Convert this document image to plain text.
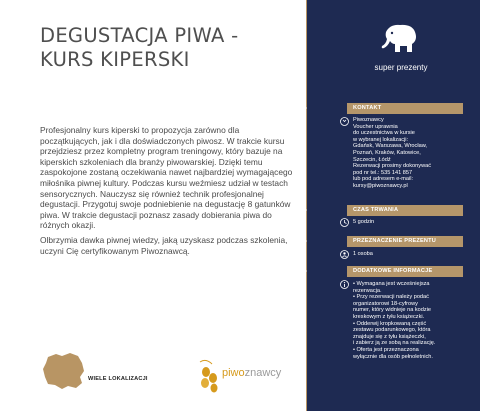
DEGUSTACJA PIWA -
KURS KIPERSKI

Profesjonalny kurs kiperski to propozycja zarówno dla początkujących, jak i dla doświadczonych piwosz. W trakcie kursu przejdziesz przez kompletny program treningowy, który bazuje na kiperskich szkoleniach dla branży piwowarskiej. Dzięki temu zaspokojone zostaną oczekiwania nawet najbardziej wymagającego miłośnika piwnej kultury. Podczas kursu weźmiesz udział w testach sensorycznych. Nauczysz się również technik profesjonalnej degustacji. Przygotuj swoje podniebienie na degustację 8 gatunków piwa. W trakcie degustacji poznasz zasady dobierania piwa do różnych okazji.

Olbrzymia dawka piwnej wiedzy, jaką uzyskasz podczas szkolenia, uczyni Cię certyfikowanym Piwoznawcą.

WIELE LOKALIZACJI	piwoznawcy
super prezenty
KONTAKT
Piwoznawcy
Voucher uprawnia
do uczestnictwa w kursie
w wybranej lokalizacji:
Gdańsk, Warszawa, Wrocław,
Poznań, Kraków, Katowice,
Szczecin, Łódź
Rezerwacji prosimy dokonywać
pod nr tel.: 535 141 857
lub pod adresem e-mail:
kursy@piwoznawcy.pl
CZAS TRWANIA
5 godzin
PRZEZNACZENIE PREZENTU
1 osoba
DODATKOWE INFORMACJE
• Wymagana jest wcześniejsza
rezerwacja.
• Przy rezerwacji należy podać
organizatorowi 18-cyfrowy
numer, który widnieje na kodzie
kreskowym z tyłu książeczki.
• Odderwij kropkowaną część
zestawu podarunkowego, która
znajduje się z tyłu książeczki,
i zabierz ją ze sobą na realizację.
• Oferta jest przeznaczona
wyłącznie dla osób pełnoletnich.
